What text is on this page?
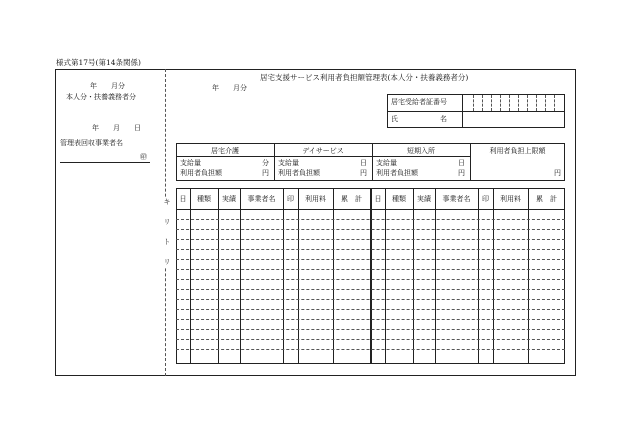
様式第17号(第14条関係)
年　　月分
本人分・扶養義務者分
年　　月　　日
管理表回収事業者名
㊞
キ　リ　ト　リ
居宅支援サービス利用者負担額管理表(本人分・扶養義務者分)
年　　月分
居宅受給者証番号
氏　　　　　　名
居宅介護
支給量	分
利用者負担額	円
デイサービス
支給量	日
利用者負担額	円
短期入所
支給量	日
利用者負担額	円
利用者負担上限額
円
日	種類	実績	事業者名	印	利用料	累　計	日	種類	実績	事業者名	印	利用料	累　計
